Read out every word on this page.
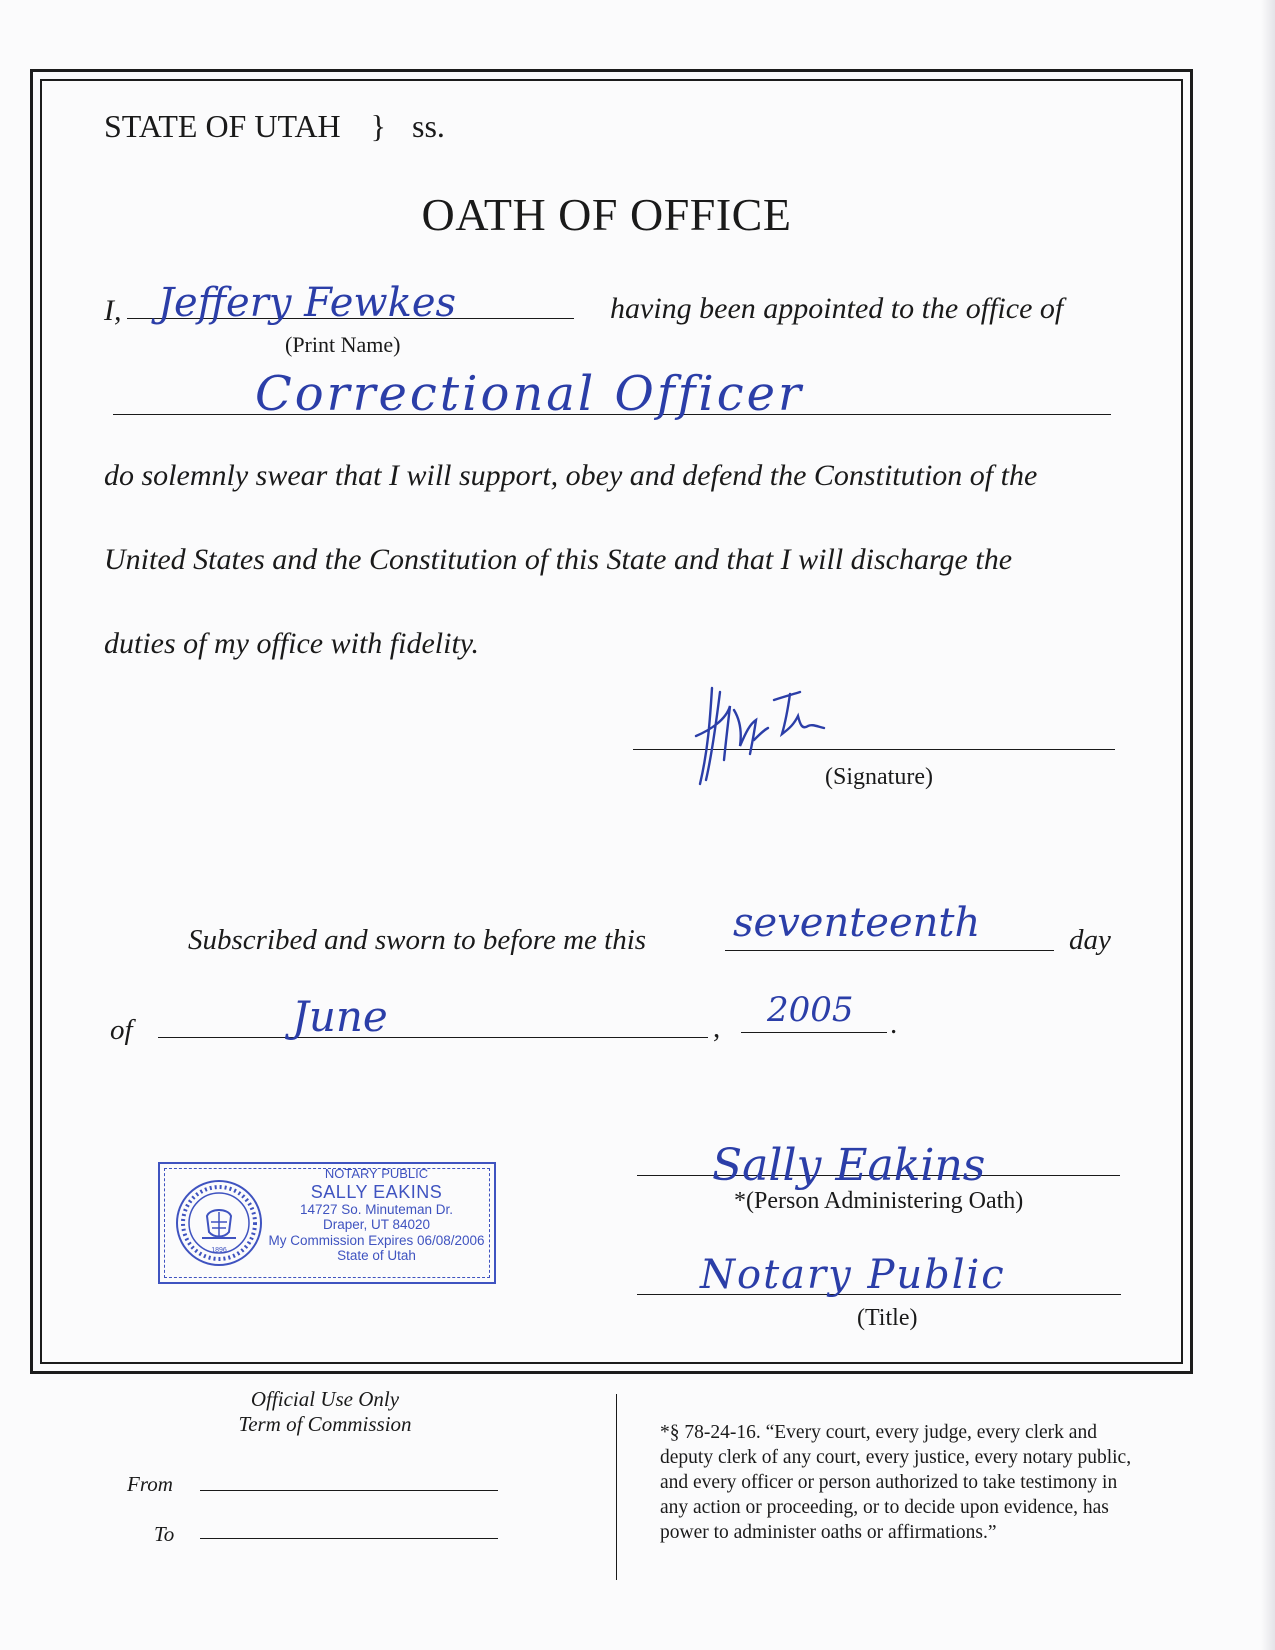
STATE OF UTAH } ss.
OATH OF OFFICE
I, Jeffery Fewkes	having been appointed to the office of
(Print Name)
Correctional Officer
do solemnly swear that I will support, obey and defend the Constitution of the
United States and the Constitution of this State and that I will discharge the
duties of my office with fidelity.
(Signature)
Subscribed and sworn to before me this seventeenth	day
of	June	, 2005 .
Sally Eakins
*(Person Administering Oath)
Notary Public
(Title)
1896
NOTARY PUBLIC
SALLY EAKINS
14727 So. Minuteman Dr.
Draper, UT 84020
My Commission Expires 06/08/2006
State of Utah
Official Use Only
Term of Commission
From
To
*§ 78-24-16. “Every court, every judge, every clerk and
deputy clerk of any court, every justice, every notary public,
and every officer or person authorized to take testimony in
any action or proceeding, or to decide upon evidence, has
power to administer oaths or affirmations.”
